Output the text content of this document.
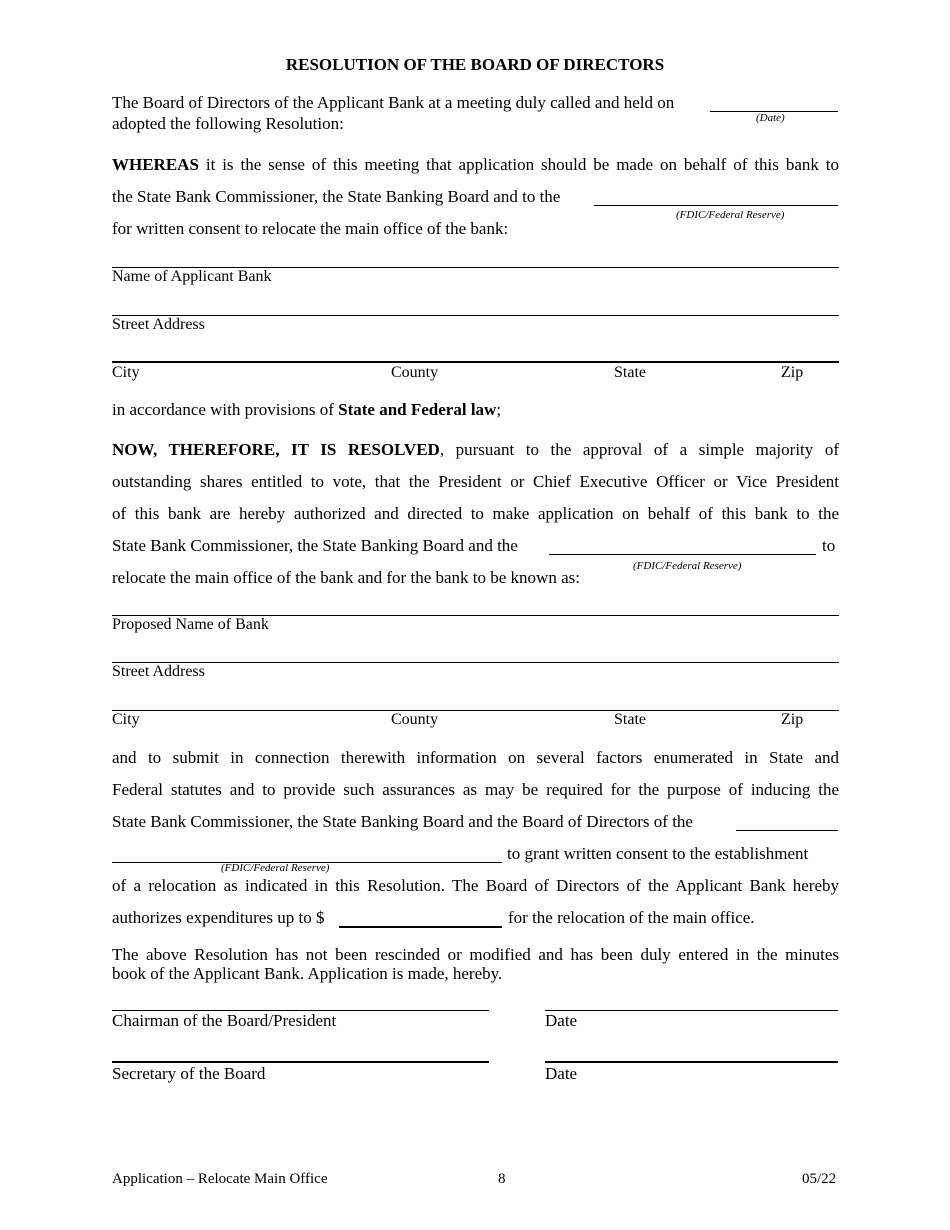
RESOLUTION OF THE BOARD OF DIRECTORS
The Board of Directors of the Applicant Bank at a meeting duly called and held on
(Date)
adopted the following Resolution:
WHEREAS it is the sense of this meeting that application should be made on behalf of this bank to
the State Bank Commissioner, the State Banking Board and to the
(FDIC/Federal Reserve)
for written consent to relocate the main office of the bank:
Name of Applicant Bank
Street Address
City	County	State	Zip
in accordance with provisions of State and Federal law;
NOW, THEREFORE, IT IS RESOLVED, pursuant to the approval of a simple majority of
outstanding shares entitled to vote, that the President or Chief Executive Officer or Vice President
of this bank are hereby authorized and directed to make application on behalf of this bank to the
State Bank Commissioner, the State Banking Board and the	to
(FDIC/Federal Reserve)
relocate the main office of the bank and for the bank to be known as:
Proposed Name of Bank
Street Address
City	County	State	Zip
and to submit in connection therewith information on several factors enumerated in State and
Federal statutes and to provide such assurances as may be required for the purpose of inducing the
State Bank Commissioner, the State Banking Board and the Board of Directors of the
to grant written consent to the establishment
(FDIC/Federal Reserve)
of a relocation as indicated in this Resolution. The Board of Directors of the Applicant Bank hereby
authorizes expenditures up to $	for the relocation of the main office.
The above Resolution has not been rescinded or modified and has been duly entered in the minutes
book of the Applicant Bank. Application is made, hereby.
Chairman of the Board/President	Date
Secretary of the Board	Date
Application – Relocate Main Office	8	05/22
